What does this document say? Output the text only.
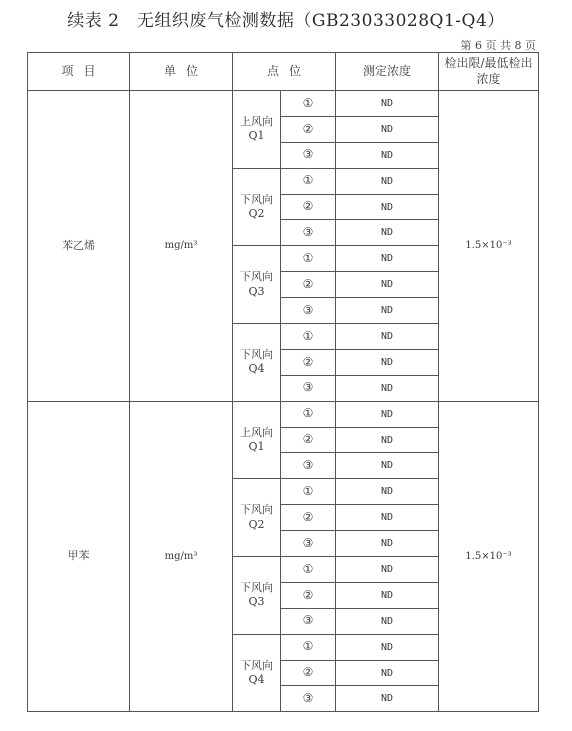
续表 2　无组织废气检测数据（GB23033028Q1-Q4）
第 6 页 共 8 页
项目	单位	点位		测定浓度	检出限/最低检出浓度
苯乙烯	mg/m³	上风向Q1	①	ND	1.5×10⁻³
			②	ND	
			③	ND	
		下风向Q2	①	ND	
			②	ND	
			③	ND	
		下风向Q3	①	ND	
			②	ND	
			③	ND	
		下风向Q4	①	ND	
			②	ND	
			③	ND	
甲苯	mg/m³	上风向Q1	①	ND	1.5×10⁻³
			②	ND	
			③	ND	
		下风向Q2	①	ND	
			②	ND	
			③	ND	
		下风向Q3	①	ND	
			②	ND	
			③	ND	
		下风向Q4	①	ND	
			②	ND	
			③	ND	
